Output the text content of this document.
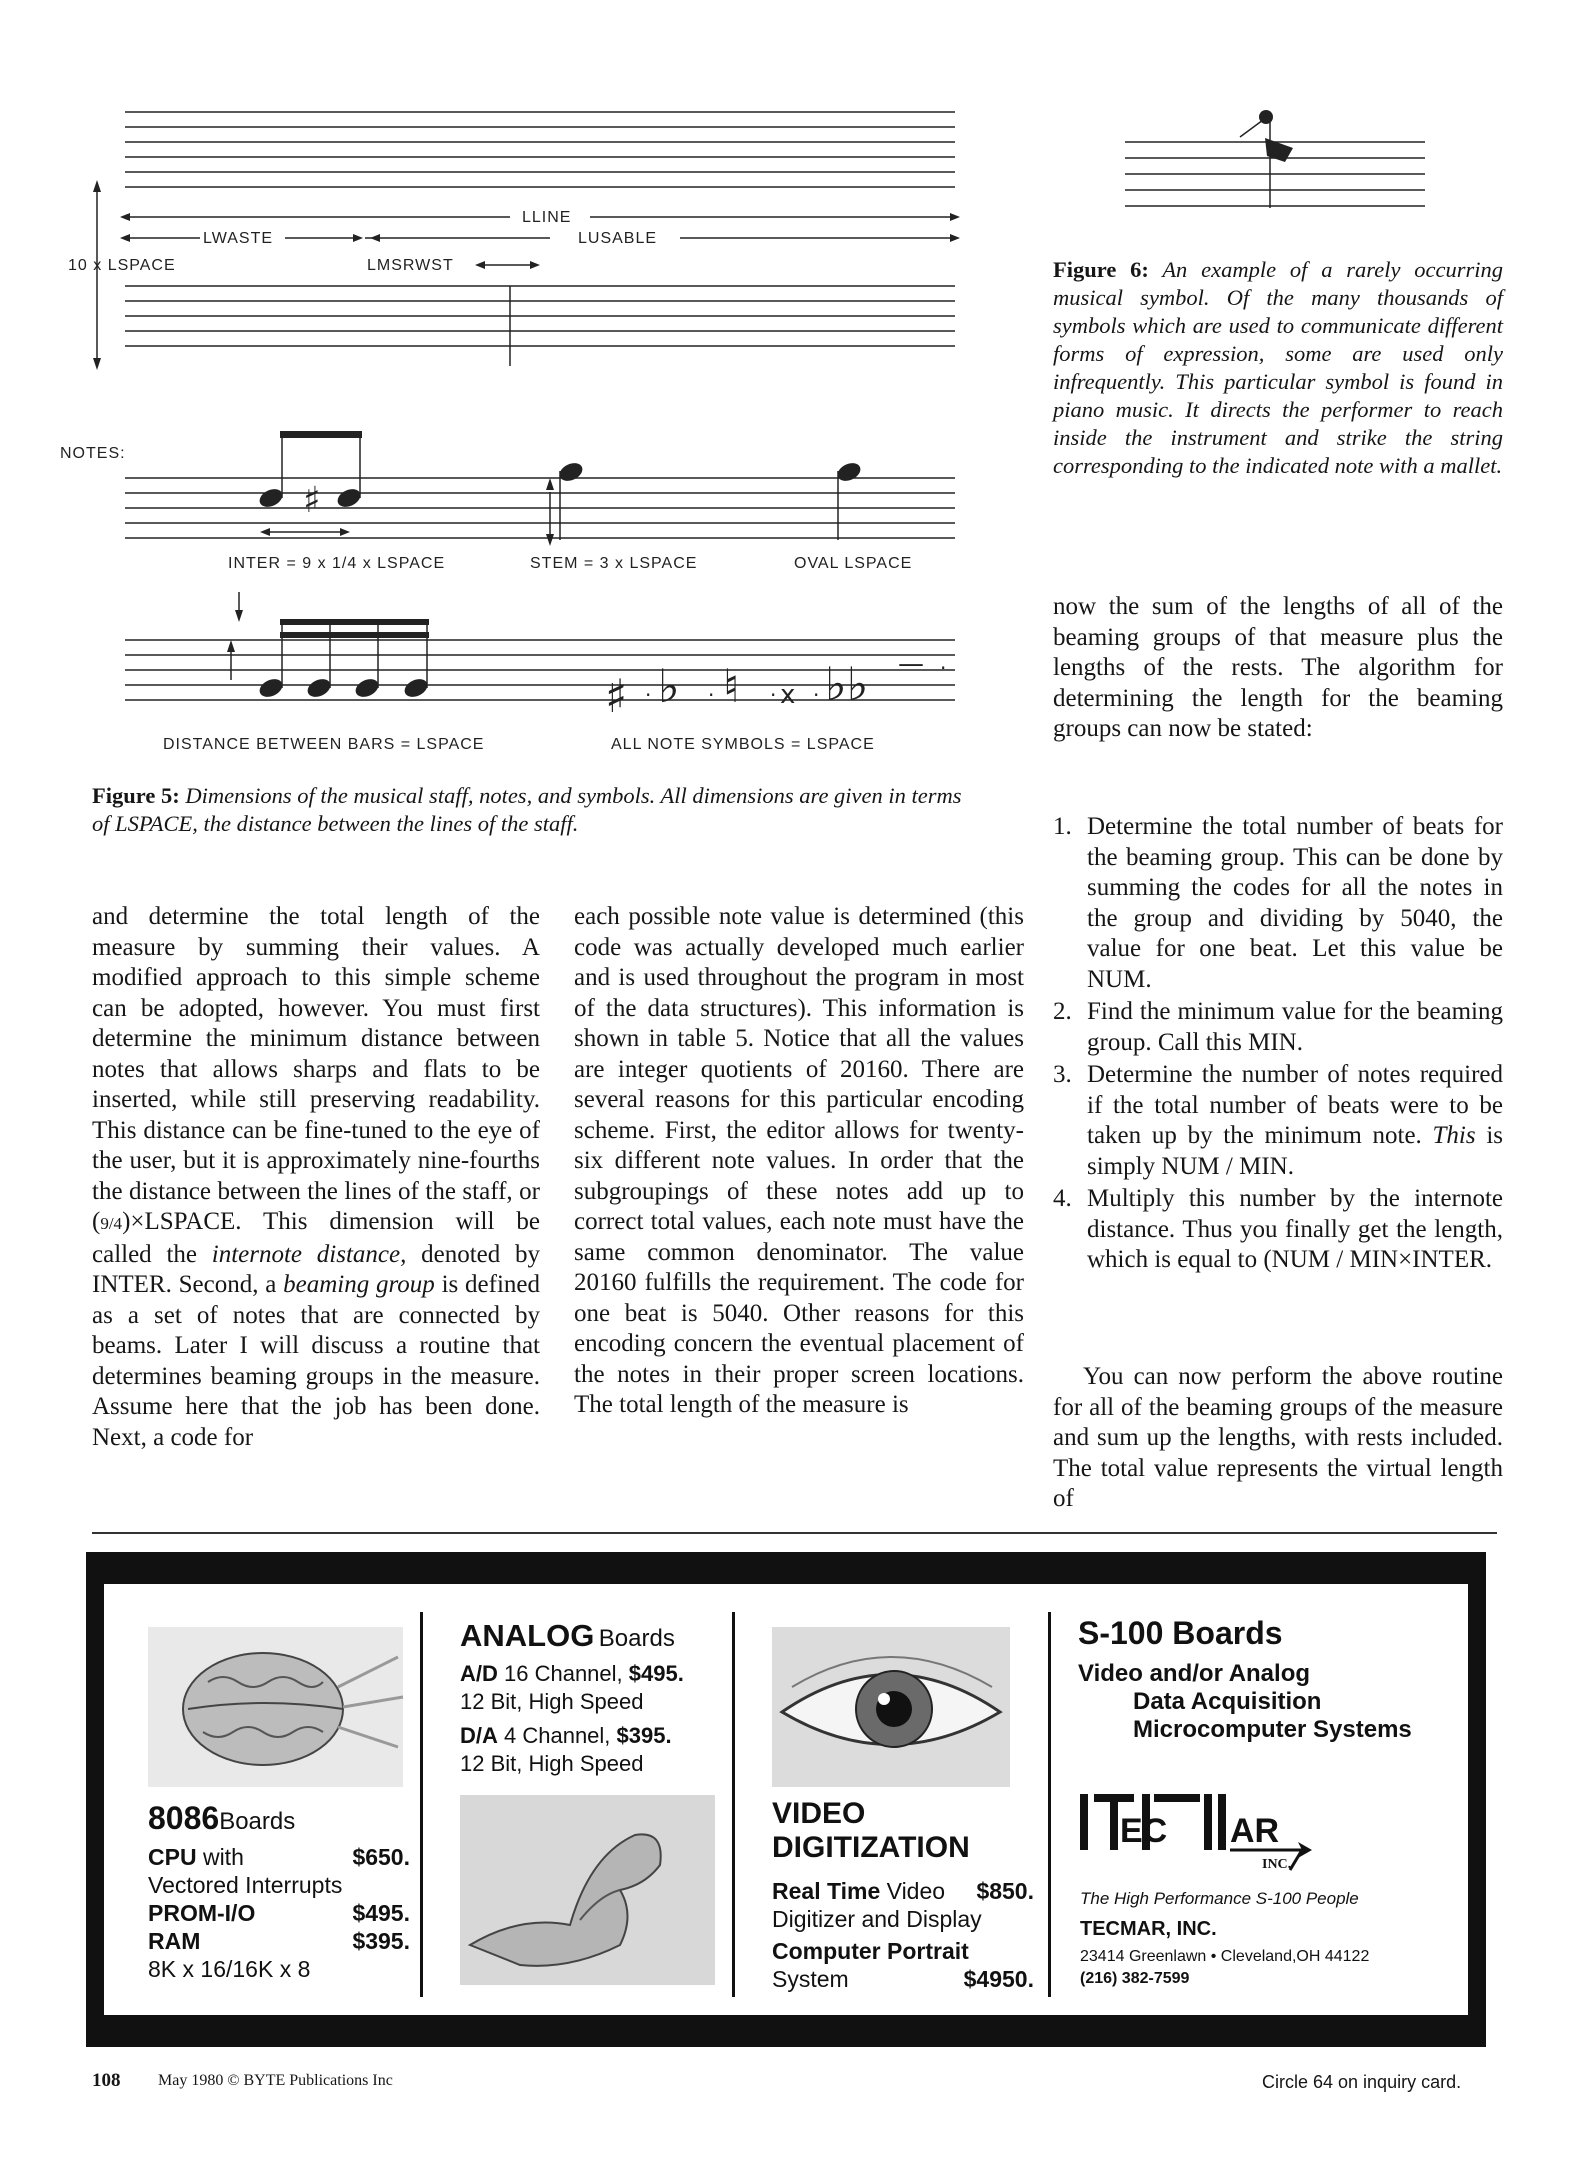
♯
♯ ♭ ♮ x ♭♭ — ·
·	·	· ·
LLINE
LWASTE	LUSABLE
10 x LSPACE	LMSRWST
NOTES:
INTER = 9 x 1/4 x LSPACE	STEM = 3 x LSPACE	OVAL LSPACE
DISTANCE BETWEEN BARS = LSPACE	ALL NOTE SYMBOLS = LSPACE
Figure 6: An example of a rarely occurring musical symbol. Of the many thousands of symbols which are used to communicate different forms of expression, some are used only infrequently. This particular symbol is found in piano music. It directs the performer to reach inside the instrument and strike the string corresponding to the indicated note with a mallet.
Figure 5: Dimensions of the musical staff, notes, and symbols. All dimensions are given in terms of LSPACE, the distance between the lines of the staff.
and determine the total length of the measure by summing their values. A modified approach to this simple scheme can be adopted, however. You must first determine the minimum distance between notes that allows sharps and flats to be inserted, while still preserving readability. This distance can be fine-tuned to the eye of the user, but it is approximately nine-fourths the distance between the lines of the staff, or (9/4)×LSPACE. This dimension will be called the internote distance, denoted by INTER. Second, a beaming group is defined as a set of notes that are connected by beams. Later I will discuss a routine that determines beaming groups in the measure. Assume here that the job has been done. Next, a code for
each possible note value is determined (this code was actually developed much earlier and is used throughout the program in most of the data structures). This information is shown in table 5. Notice that all the values are integer quotients of 20160. There are several reasons for this particular encoding scheme. First, the editor allows for twenty-six different note values. In order that the subgroupings of these notes add up to correct total values, each note must have the same common denominator. The value 20160 fulfills the requirement. The code for one beat is 5040. Other reasons for this encoding concern the eventual placement of the notes in their proper screen locations. The total length of the measure is
now the sum of the lengths of all of the beaming groups of that measure plus the lengths of the rests. The algorithm for determining the length for the beaming groups can now be stated:
1. Determine the total number of beats for the beaming group. This can be done by summing the codes for all the notes in the group and dividing by 5040, the value for one beat. Let this value be NUM.
2. Find the minimum value for the beaming group. Call this MIN.
3. Determine the number of notes required if the total number of beats were to be taken up by the minimum note. This is simply NUM / MIN.
4. Multiply this number by the internote distance. Thus you finally get the length, which is equal to (NUM / MIN×INTER.
You can now perform the above routine for all of the beaming groups of the measure and sum up the lengths, with rests included. The total value represents the virtual length of
8086Boards
CPU with	$650.
Vectored Interrupts
PROM-I/O	$495.
RAM	$395.
8K x 16/16K x 8
ANALOG Boards
A/D 16 Channel, $495.
12 Bit, High Speed
D/A 4 Channel, $395.
12 Bit, High Speed
VIDEO
DIGITIZATION
Real Time Video $850.
Digitizer and Display
Computer Portrait
System	$4950.
S-100 Boards
Video and/or Analog
Data Acquisition
Microcomputer Systems
EC AR
INC.
The High Performance S-100 People
TECMAR, INC.
23414 Greenlawn • Cleveland,OH 44122
(216) 382-7599
108 May 1980 © BYTE Publications Inc	Circle 64 on inquiry card.
